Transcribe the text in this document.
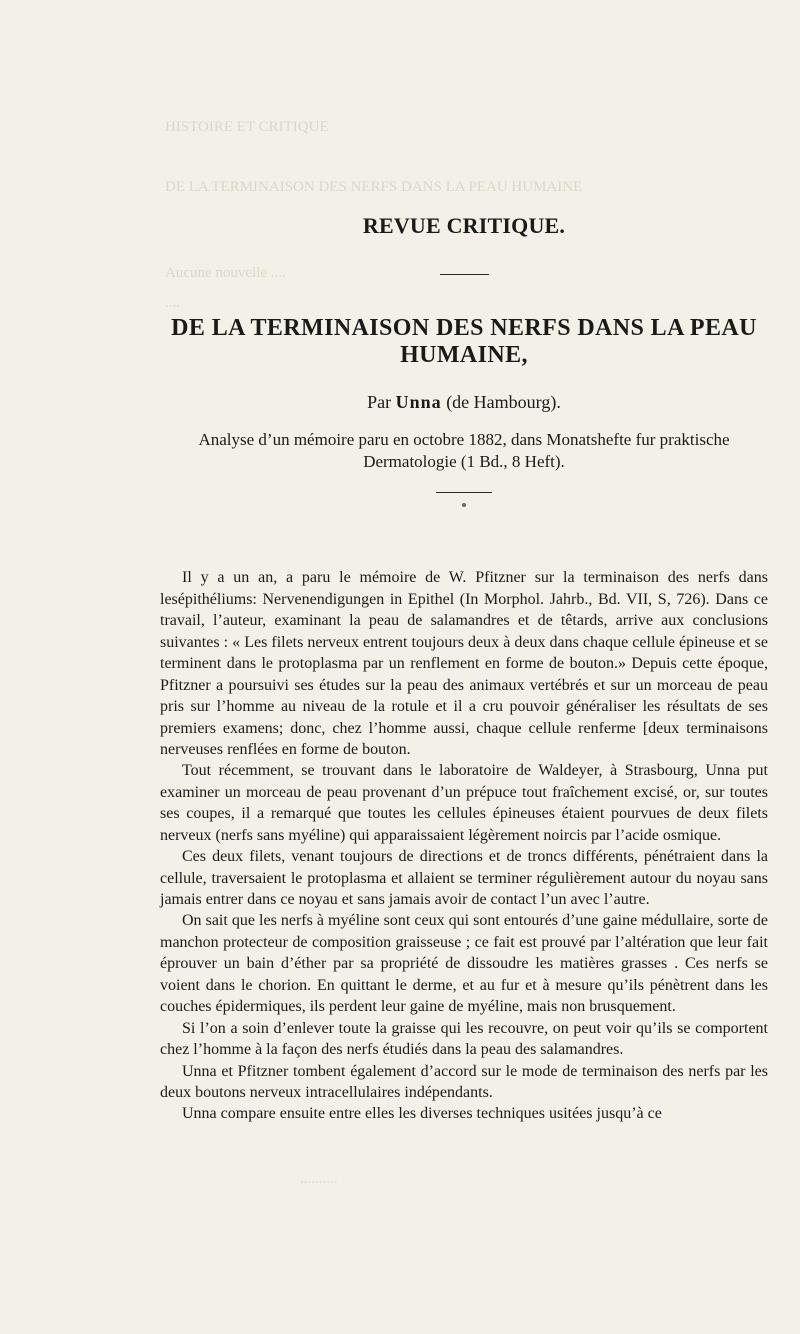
HISTOIRE ET CRITIQUE
DE LA TERMINAISON DES NERFS DANS LA PEAU HUMAINE
Aucune nouvelle ....
....
..........
REVUE CRITIQUE.
DE LA TERMINAISON DES NERFS DANS LA PEAU HUMAINE,
Par Unna (de Hambourg).
Analyse d’un mémoire paru en octobre 1882, dans Monatshefte fur praktische Dermatologie (1 Bd., 8 Heft).

Il y a un an, a paru le mémoire de W. Pfitzner sur la terminaison des nerfs dans lesépithéliums: Nervenendigungen in Epithel (In Morphol. Jahrb., Bd. VII, S, 726). Dans ce travail, l’auteur, examinant la peau de salamandres et de têtards, arrive aux conclusions suivantes : « Les filets nerveux entrent toujours deux à deux dans chaque cellule épineuse et se terminent dans le protoplasma par un renflement en forme de bouton.» Depuis cette époque, Pfitzner a poursuivi ses études sur la peau des animaux vertébrés et sur un morceau de peau pris sur l’homme au niveau de la rotule et il a cru pouvoir généraliser les résultats de ses premiers examens; donc, chez l’homme aussi, chaque cellule renferme [deux terminaisons nerveuses renflées en forme de bouton.

Tout récemment, se trouvant dans le laboratoire de Waldeyer, à Strasbourg, Unna put examiner un morceau de peau provenant d’un prépuce tout fraîchement excisé, or, sur toutes ses coupes, il a remarqué que toutes les cellules épineuses étaient pourvues de deux filets nerveux (nerfs sans myéline) qui apparaissaient légèrement noircis par l’acide osmique.

Ces deux filets, venant toujours de directions et de troncs différents, pénétraient dans la cellule, traversaient le protoplasma et allaient se terminer régulièrement autour du noyau sans jamais entrer dans ce noyau et sans jamais avoir de contact l’un avec l’autre.

On sait que les nerfs à myéline sont ceux qui sont entourés d’une gaine médullaire, sorte de manchon protecteur de composition graisseuse ; ce fait est prouvé par l’altération que leur fait éprouver un bain d’éther par sa propriété de dissoudre les matières grasses . Ces nerfs se voient dans le chorion. En quittant le derme, et au fur et à mesure qu’ils pénètrent dans les couches épidermiques, ils perdent leur gaine de myéline, mais non brusquement.

Si l’on a soin d’enlever toute la graisse qui les recouvre, on peut voir qu’ils se comportent chez l’homme à la façon des nerfs étudiés dans la peau des salamandres.

Unna et Pfitzner tombent également d’accord sur le mode de terminaison des nerfs par les deux boutons nerveux intracellulaires indépendants.

Unna compare ensuite entre elles les diverses techniques usitées jusqu’à ce
